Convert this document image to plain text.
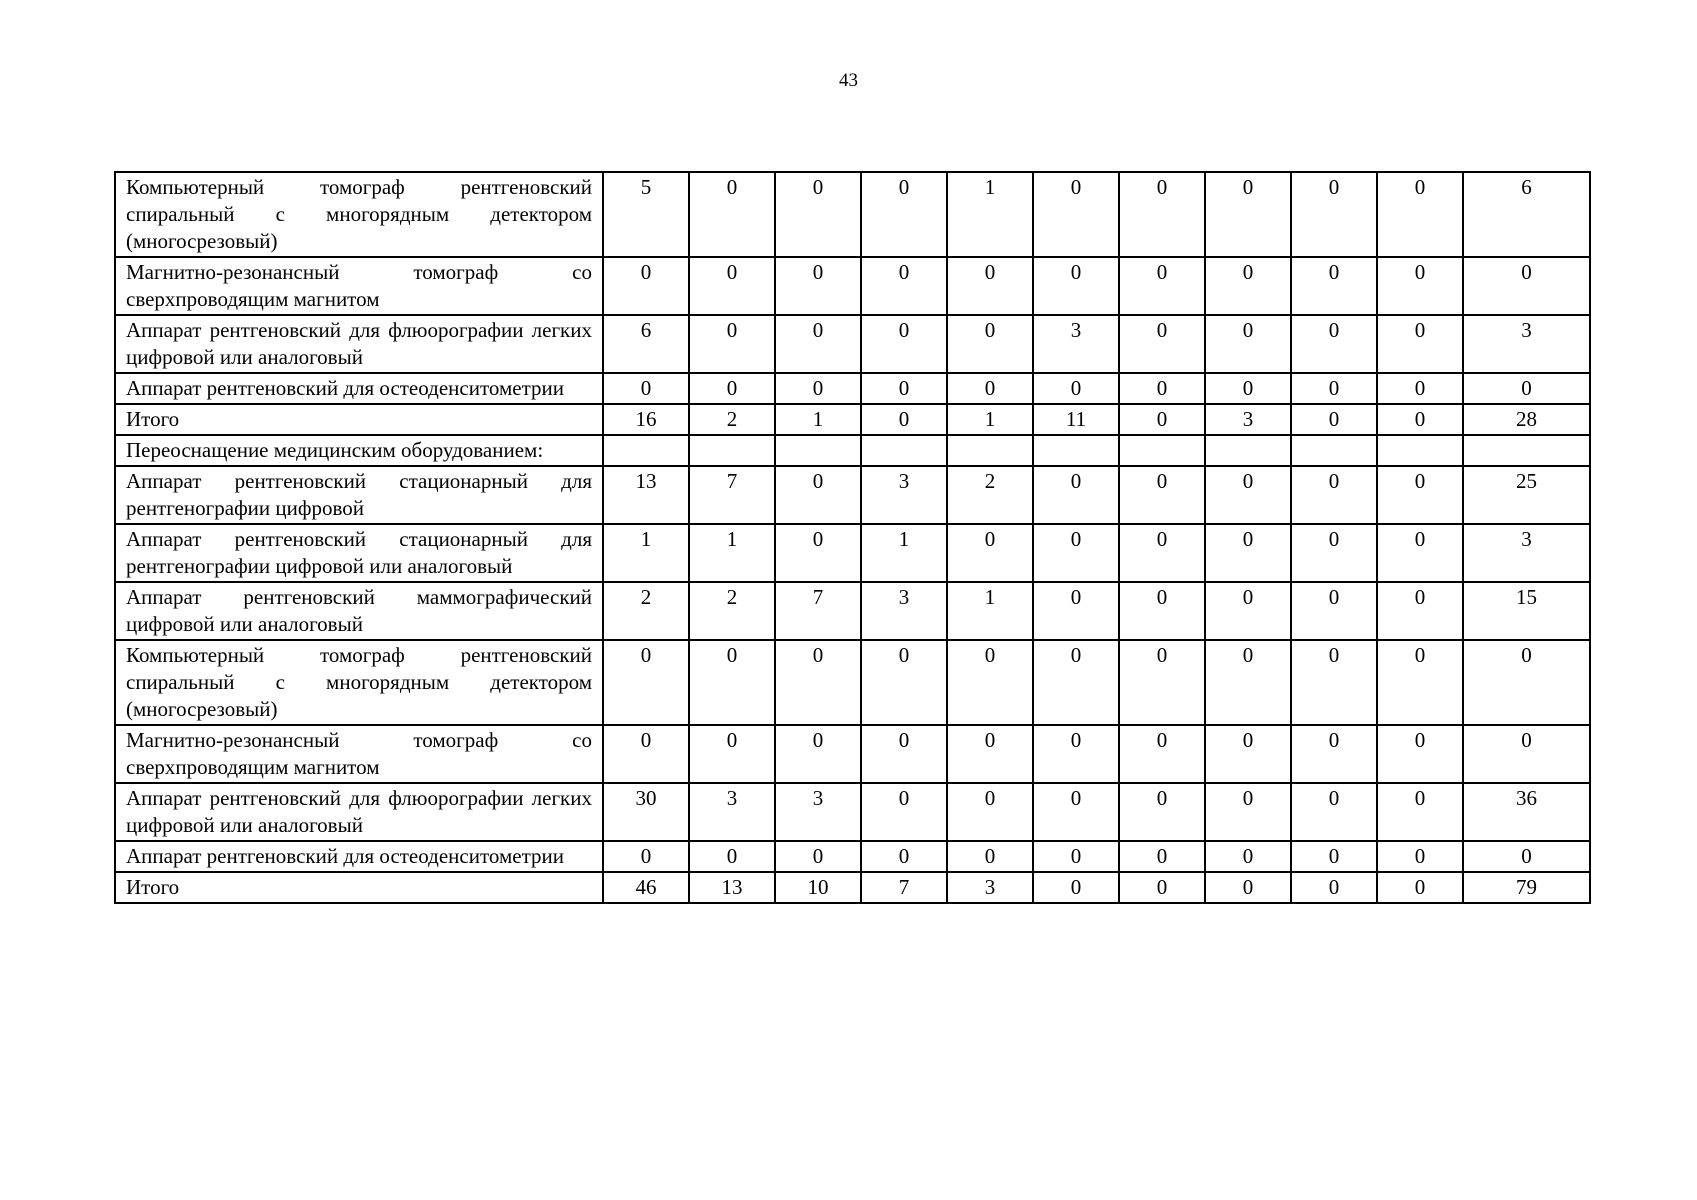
43
Компьютерный томограф рентгеновский спиральный с многорядным детектором (многосрезовый)	5	0	0	0	1	0	0	0	0	0	6
Магнитно-резонансный томограф со сверхпроводящим магнитом	0	0	0	0	0	0	0	0	0	0	0
Аппарат рентгеновский для флюорографии легких цифровой или аналоговый	6	0	0	0	0	3	0	0	0	0	3
Аппарат рентгеновский для остеоденситометрии	0	0	0	0	0	0	0	0	0	0	0
Итого	16	2	1	0	1	11	0	3	0	0	28
Переоснащение медицинским оборудованием:											
Аппарат рентгеновский стационарный для рентгенографии цифровой	13	7	0	3	2	0	0	0	0	0	25
Аппарат рентгеновский стационарный для рентгенографии цифровой или аналоговый	1	1	0	1	0	0	0	0	0	0	3
Аппарат рентгеновский маммографический цифровой или аналоговый	2	2	7	3	1	0	0	0	0	0	15
Компьютерный томограф рентгеновский спиральный с многорядным детектором (многосрезовый)	0	0	0	0	0	0	0	0	0	0	0
Магнитно-резонансный томограф со сверхпроводящим магнитом	0	0	0	0	0	0	0	0	0	0	0
Аппарат рентгеновский для флюорографии легких цифровой или аналоговый	30	3	3	0	0	0	0	0	0	0	36
Аппарат рентгеновский для остеоденситометрии	0	0	0	0	0	0	0	0	0	0	0
Итого	46	13	10	7	3	0	0	0	0	0	79
